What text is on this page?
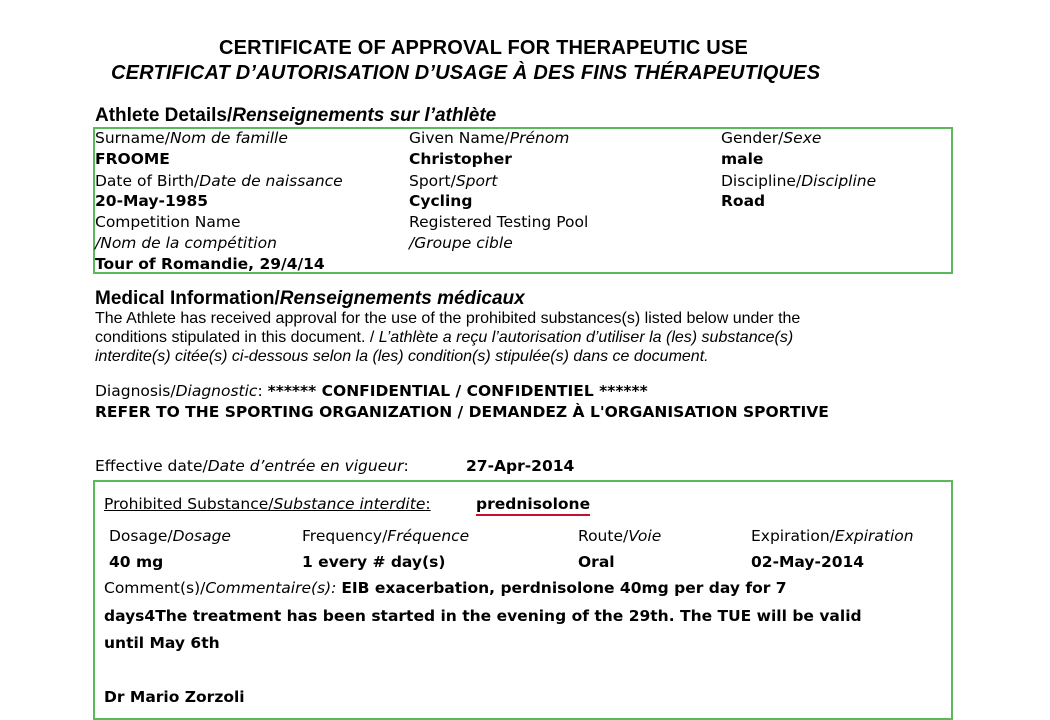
CERTIFICATE OF APPROVAL FOR THERAPEUTIC USE
CERTIFICAT D’AUTORISATION D’USAGE À DES FINS THÉRAPEUTIQUES
Athlete Details/Renseignements sur l’athlète
Surname/Nom de famille
FROOME
Given Name/Prénom
Christopher
Gender/Sexe
male
Date of Birth/Date de naissance
20-May-1985
Sport/Sport
Cycling
Discipline/Discipline
Road
Competition Name
/Nom de la compétition
Tour of Romandie, 29/4/14
Registered Testing Pool
/Groupe cible
Medical Information/Renseignements médicaux
The Athlete has received approval for the use of the prohibited substances(s) listed below under the
conditions stipulated in this document. / L’athlète a reçu l’autorisation d’utiliser la (les) substance(s)
interdite(s) citée(s) ci-dessous selon la (les) condition(s) stipulée(s) dans ce document.
Diagnosis/Diagnostic: ****** CONFIDENTIAL / CONFIDENTIEL ******
REFER TO THE SPORTING ORGANIZATION / DEMANDEZ À L'ORGANISATION SPORTIVE
Effective date/Date d’entrée en vigueur:	27-Apr-2014
Prohibited Substance/Substance interdite:	prednisolone
Dosage/Dosage
40 mg
Frequency/Fréquence
1 every # day(s)
Route/Voie
Oral
Expiration/Expiration
02-May-2014
Comment(s)/Commentaire(s): EIB exacerbation, perdnisolone 40mg per day for 7
days4The treatment has been started in the evening of the 29th. The TUE will be valid
until May 6th
Dr Mario Zorzoli
